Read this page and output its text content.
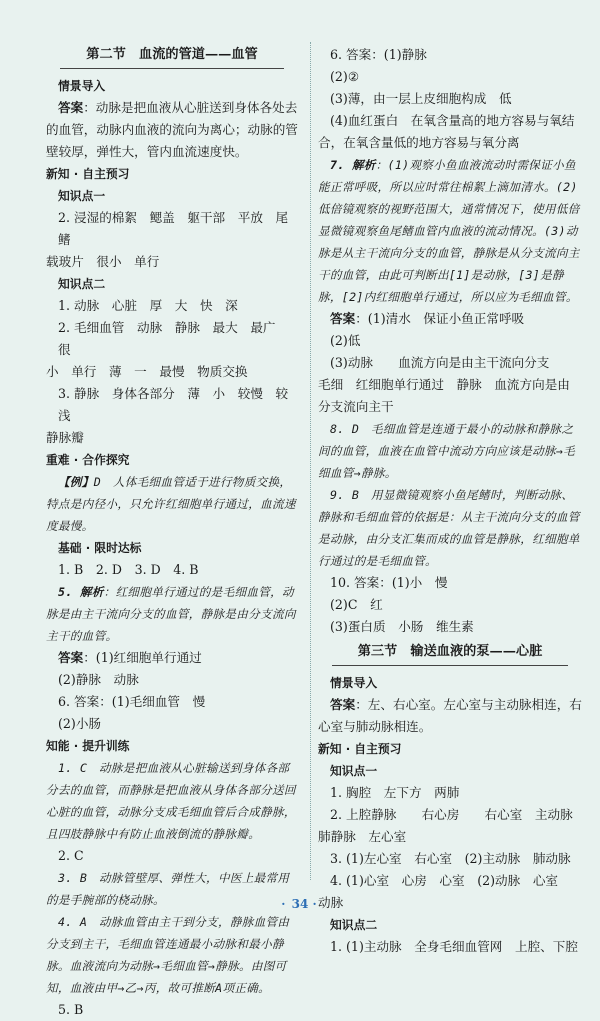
第二节　血流的管道——血管

情景导入

答案：动脉是把血液从心脏送到身体各处去的血管，动脉内血液的流向为离心；动脉的管壁较厚，弹性大，管内血流速度快。

新知 · 自主预习

知识点一

2. 浸湿的棉絮　鳃盖　躯干部　平放　尾鳍

载玻片　很小　单行

知识点二

1. 动脉　心脏　厚　大　快　深

2. 毛细血管　动脉　静脉　最大　最广　很

小　单行　薄　一　最慢　物质交换

3. 静脉　身体各部分　薄　小　较慢　较浅

静脉瓣

重难 · 合作探究

【例】D　人体毛细血管适于进行物质交换，特点是内径小，只允许红细胞单行通过，血流速度最慢。

基础 · 限时达标

1. B　2. D　3. D　4. B

5. 解析：红细胞单行通过的是毛细血管，动脉是由主干流向分支的血管，静脉是由分支流向主干的血管。

答案：(1)红细胞单行通过

(2)静脉　动脉

6. 答案：(1)毛细血管　慢

(2)小肠

知能 · 提升训练

1. C　动脉是把血液从心脏输送到身体各部分去的血管，而静脉是把血液从身体各部分送回心脏的血管，动脉分支成毛细血管后合成静脉，且四肢静脉中有防止血液倒流的静脉瓣。

2. C

3. B　动脉管壁厚、弹性大，中医上最常用的是手腕部的桡动脉。

4. A　动脉血管由主干到分支，静脉血管由分支到主干，毛细血管连通最小动脉和最小静脉。血液流向为动脉→毛细血管→静脉。由图可知，血液由甲→乙→丙，故可推断A项正确。

5. B

6. 答案：(1)静脉

(2)②

(3)薄，由一层上皮细胞构成　低

(4)血红蛋白　在氧含量高的地方容易与氧结合，在氧含量低的地方容易与氧分离

7. 解析：(1)观察小鱼血液流动时需保证小鱼能正常呼吸，所以应时常往棉絮上滴加清水。(2)低倍镜观察的视野范围大，通常情况下，使用低倍显微镜观察鱼尾鳍血管内血液的流动情况。(3)动脉是从主干流向分支的血管，静脉是从分支流向主干的血管，由此可判断出[1]是动脉，[3]是静脉，[2]内红细胞单行通过，所以应为毛细血管。

答案：(1)清水　保证小鱼正常呼吸

(2)低

(3)动脉　　血流方向是由主干流向分支

毛细　红细胞单行通过　静脉　血流方向是由分支流向主干

8. D　毛细血管是连通于最小的动脉和静脉之间的血管，血液在血管中流动方向应该是动脉→毛细血管→静脉。

9. B　用显微镜观察小鱼尾鳍时，判断动脉、静脉和毛细血管的依据是：从主干流向分支的血管是动脉，由分支汇集而成的血管是静脉，红细胞单行通过的是毛细血管。

10. 答案：(1)小　慢

(2)C　红

(3)蛋白质　小肠　维生素

第三节　输送血液的泵——心脏

情景导入

答案：左、右心室。左心室与主动脉相连，右心室与肺动脉相连。

新知 · 自主预习

知识点一

1. 胸腔　左下方　两肺

2. 上腔静脉　　右心房　　右心室　主动脉

肺静脉　左心室

3. (1)左心室　右心室　(2)主动脉　肺动脉

4. (1)心室　心房　心室　(2)动脉　心室

动脉

知识点二

1. (1)主动脉　全身毛细血管网　上腔、下腔

· 34 ·
